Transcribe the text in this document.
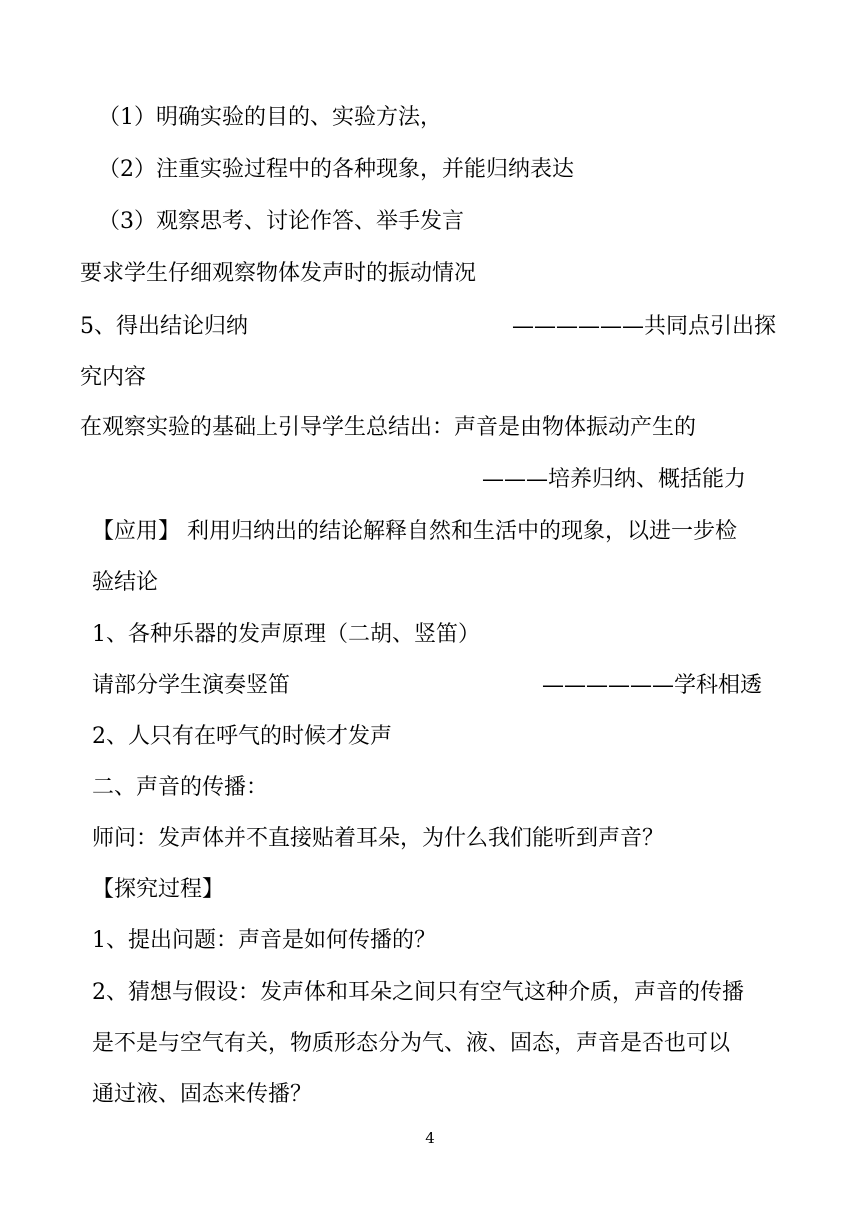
（1）明确实验的目的、实验方法，

（2）注重实验过程中的各种现象，并能归纳表达

（3）观察思考、讨论作答、举手发言

要求学生仔细观察物体发声时的振动情况

5、得出结论归纳	——————共同点引出探

究内容

在观察实验的基础上引导学生总结出：声音是由物体振动产生的

———培养归纳、概括能力

【应用】 利用归纳出的结论解释自然和生活中的现象，以进一步检

验结论

1、各种乐器的发声原理（二胡、竖笛）

请部分学生演奏竖笛	——————学科相透

2、人只有在呼气的时候才发声

二、声音的传播：

师问：发声体并不直接贴着耳朵，为什么我们能听到声音？

【探究过程】

1、提出问题：声音是如何传播的？

2、猜想与假设：发声体和耳朵之间只有空气这种介质，声音的传播

是不是与空气有关，物质形态分为气、液、固态，声音是否也可以

通过液、固态来传播？

4
